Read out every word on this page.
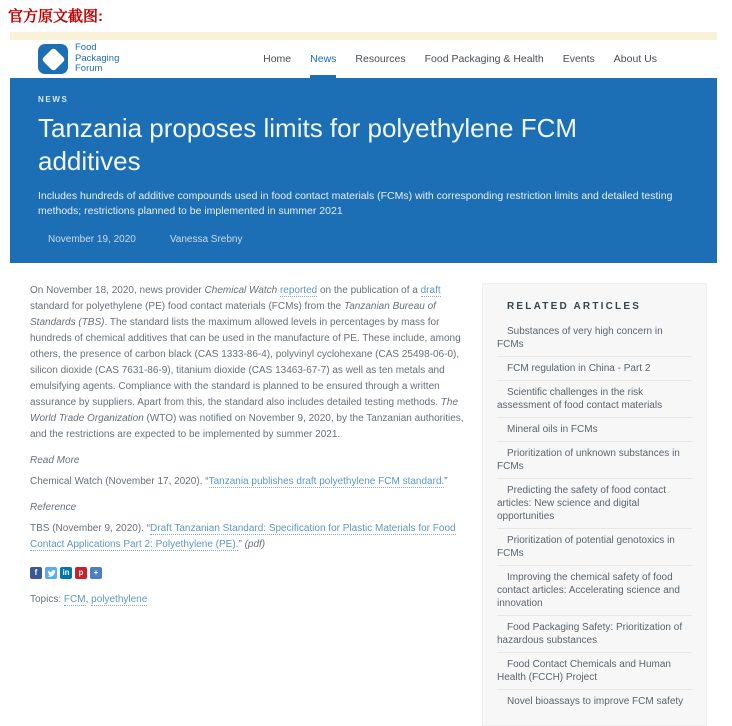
官方原文截图:
Food
Packaging
Forum
Home News Resources Food Packaging & Health Events About Us
NEWS
Tanzania proposes limits for polyethylene FCM additives

Includes hundreds of additive compounds used in food contact materials (FCMs) with corresponding restriction limits and detailed testing methods; restrictions planned to be implemented in summer 2021

November 19, 2020	Vanessa Srebny

On November 18, 2020, news provider Chemical Watch reported on the publication of a draft standard for polyethylene (PE) food contact materials (FCMs) from the Tanzanian Bureau of Standards (TBS). The standard lists the maximum allowed levels in percentages by mass for hundreds of chemical additives that can be used in the manufacture of PE. These include, among others, the presence of carbon black (CAS 1333-86-4), polyvinyl cyclohexane (CAS 25498-06-0), silicon dioxide (CAS 7631-86-9), titanium dioxide (CAS 13463-67-7) as well as ten metals and emulsifying agents. Compliance with the standard is planned to be ensured through a written assurance by suppliers. Apart from this, the standard also includes detailed testing methods. The World Trade Organization (WTO) was notified on November 9, 2020, by the Tanzanian authorities, and the restrictions are expected to be implemented by summer 2021.

Read More

Chemical Watch (November 17, 2020). “Tanzania publishes draft polyethylene FCM standard.”

Reference

TBS (November 9, 2020). “Draft Tanzanian Standard: Specification for Plastic Materials for Food Contact Applications Part 2: Polyethylene (PE).” (pdf)

f	in	p	+
Topics: FCM, polyethylene
RELATED ARTICLES
Substances of very high concern in FCMs
FCM regulation in China - Part 2
Scientific challenges in the risk assessment of food contact materials
Mineral oils in FCMs
Prioritization of unknown substances in FCMs
Predicting the safety of food contact articles: New science and digital opportunities
Prioritization of potential genotoxics in FCMs
Improving the chemical safety of food contact articles: Accelerating science and innovation
Food Packaging Safety: Prioritization of hazardous substances
Food Contact Chemicals and Human Health (FCCH) Project
Novel bioassays to improve FCM safety
